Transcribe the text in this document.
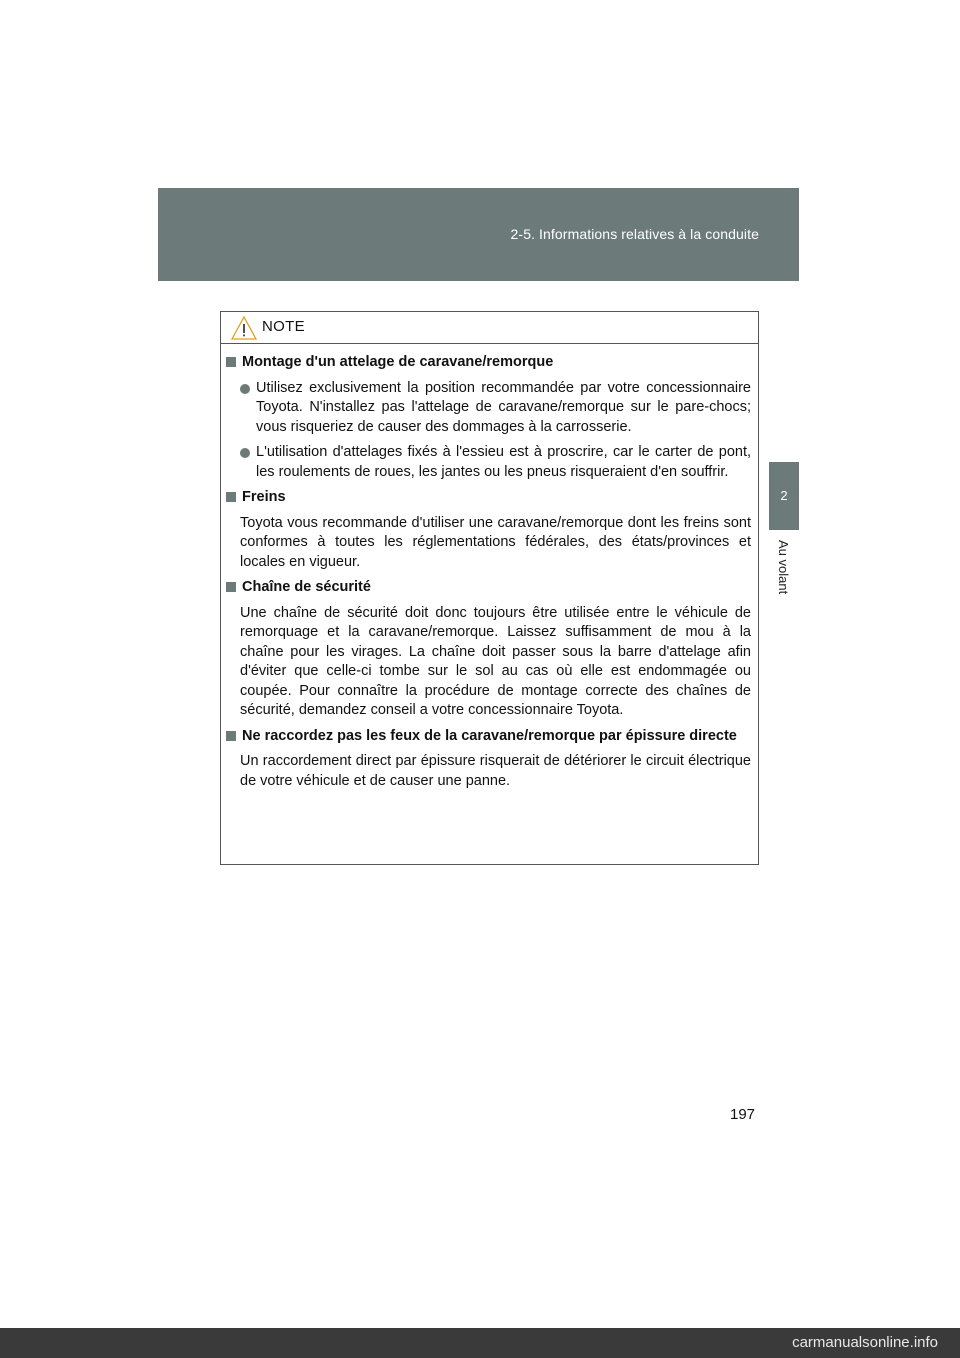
2-5. Informations relatives à la conduite
2
Au volant
NOTE
Montage d'un attelage de caravane/remorque
Utilisez exclusivement la position recommandée par votre concessionnaire Toyota. N'installez pas l'attelage de caravane/remorque sur le pare-chocs; vous risqueriez de causer des dommages à la carrosserie.
L'utilisation d'attelages fixés à l'essieu est à proscrire, car le carter de pont, les roulements de roues, les jantes ou les pneus risqueraient d'en souffrir.
Freins
Toyota vous recommande d'utiliser une caravane/remorque dont les freins sont conformes à toutes les réglementations fédérales, des états/provinces et locales en vigueur.
Chaîne de sécurité
Une chaîne de sécurité doit donc toujours être utilisée entre le véhicule de remorquage et la caravane/remorque. Laissez suffisamment de mou à la chaîne pour les virages. La chaîne doit passer sous la barre d'attelage afin d'éviter que celle-ci tombe sur le sol au cas où elle est endommagée ou coupée. Pour connaître la procédure de montage correcte des chaînes de sécurité, demandez conseil a votre concessionnaire Toyota.
Ne raccordez pas les feux de la caravane/remorque par épissure directe
Un raccordement direct par épissure risquerait de détériorer le circuit électrique de votre véhicule et de causer une panne.
197
carmanualsonline.info
